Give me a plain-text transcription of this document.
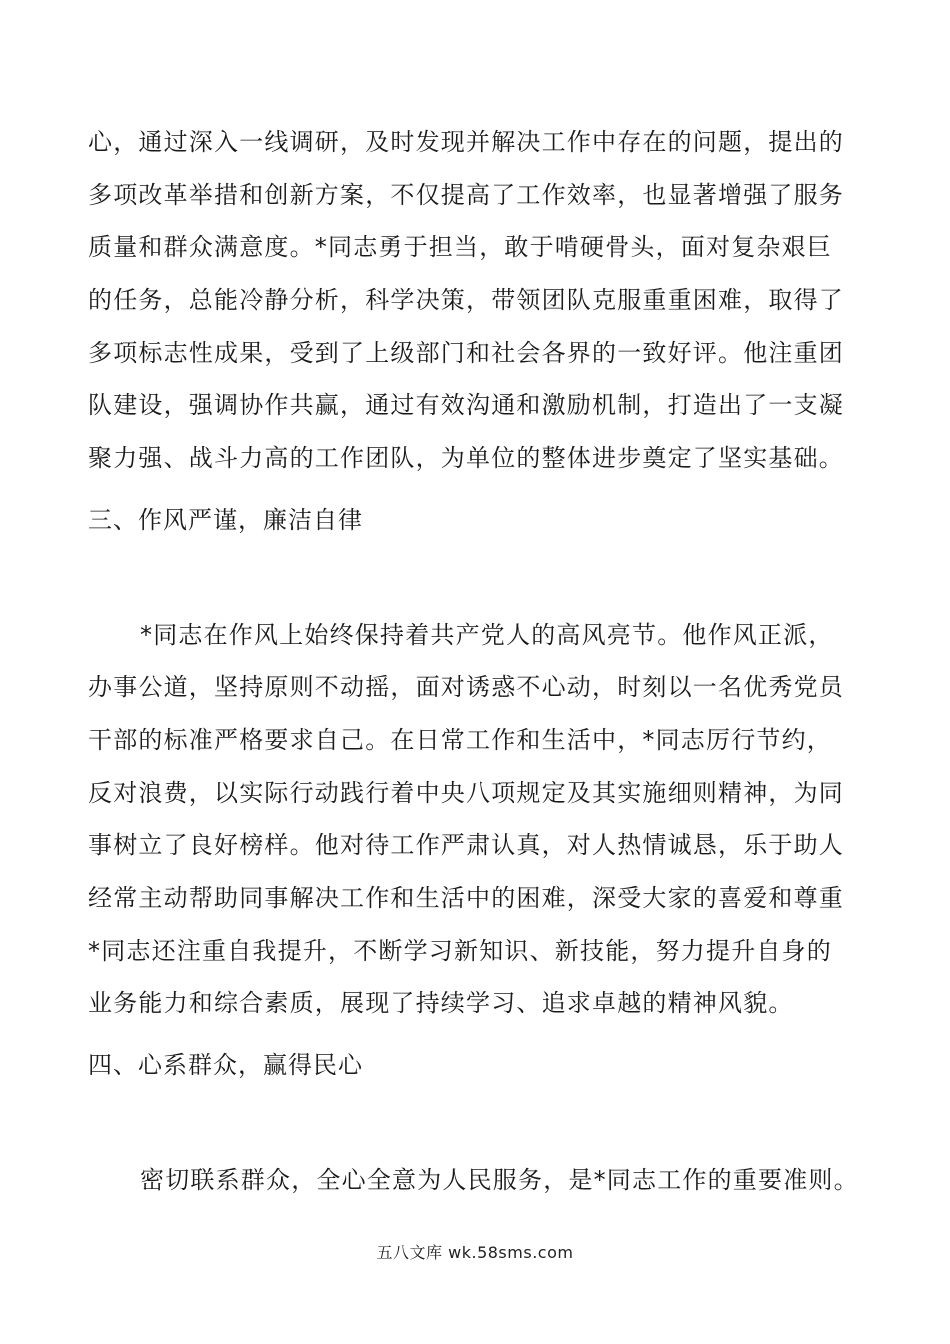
心，通过深入一线调研，及时发现并解决工作中存在的问题，提出的
多项改革举措和创新方案，不仅提高了工作效率，也显著增强了服务
质量和群众满意度。*同志勇于担当，敢于啃硬骨头，面对复杂艰巨
的任务，总能冷静分析，科学决策，带领团队克服重重困难，取得了
多项标志性成果，受到了上级部门和社会各界的一致好评。他注重团
队建设，强调协作共赢，通过有效沟通和激励机制，打造出了一支凝
聚力强、战斗力高的工作团队，为单位的整体进步奠定了坚实基础。
三、作风严谨，廉洁自律
*同志在作风上始终保持着共产党人的高风亮节。他作风正派，
办事公道，坚持原则不动摇，面对诱惑不心动，时刻以一名优秀党员
干部的标准严格要求自己。在日常工作和生活中，*同志厉行节约，
反对浪费，以实际行动践行着中央八项规定及其实施细则精神，为同
事树立了良好榜样。他对待工作严肃认真，对人热情诚恳，乐于助人
经常主动帮助同事解决工作和生活中的困难，深受大家的喜爱和尊重
*同志还注重自我提升，不断学习新知识、新技能，努力提升自身的
业务能力和综合素质，展现了持续学习、追求卓越的精神风貌。
四、心系群众，赢得民心
密切联系群众，全心全意为人民服务，是*同志工作的重要准则。
五八文库 wk.58sms.com
